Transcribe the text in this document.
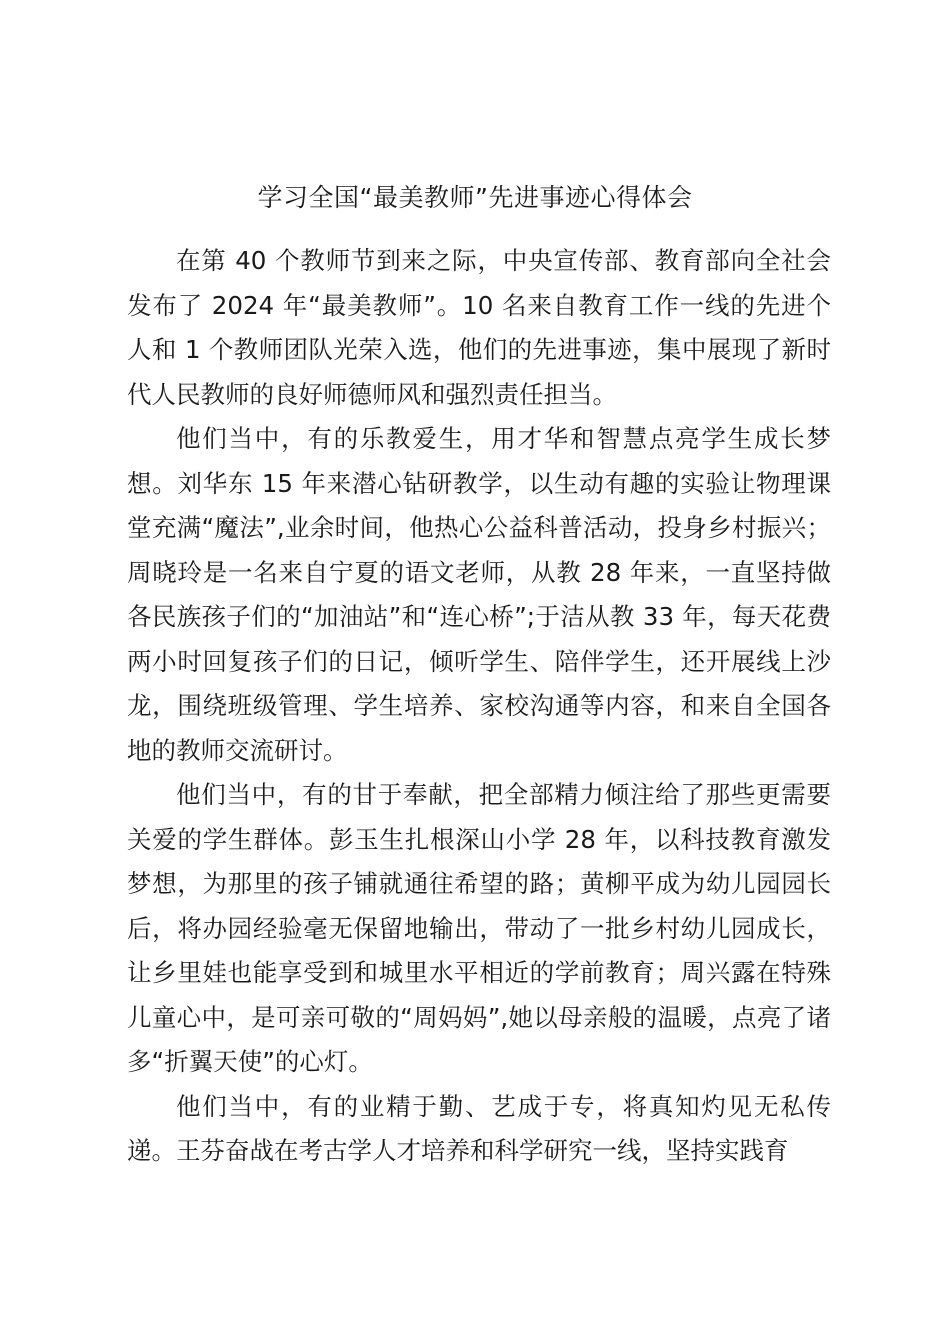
学习全国“最美教师”先进事迹心得体会

在第 40 个教师节到来之际，中央宣传部、教育部向全社会发布了 2024 年“最美教师”。10 名来自教育工作一线的先进个人和 1 个教师团队光荣入选，他们的先进事迹，集中展现了新时代人民教师的良好师德师风和强烈责任担当。

他们当中，有的乐教爱生，用才华和智慧点亮学生成长梦想。刘华东 15 年来潜心钻研教学，以生动有趣的实验让物理课堂充满“魔法”,业余时间，他热心公益科普活动，投身乡村振兴；周晓玲是一名来自宁夏的语文老师，从教 28 年来，一直坚持做各民族孩子们的“加油站”和“连心桥”;于洁从教 33 年，每天花费两小时回复孩子们的日记，倾听学生、陪伴学生，还开展线上沙龙，围绕班级管理、学生培养、家校沟通等内容，和来自全国各地的教师交流研讨。

他们当中，有的甘于奉献，把全部精力倾注给了那些更需要关爱的学生群体。彭玉生扎根深山小学 28 年，以科技教育激发梦想，为那里的孩子铺就通往希望的路；黄柳平成为幼儿园园长后，将办园经验毫无保留地输出，带动了一批乡村幼儿园成长，让乡里娃也能享受到和城里水平相近的学前教育；周兴露在特殊儿童心中，是可亲可敬的“周妈妈”,她以母亲般的温暖，点亮了诸多“折翼天使”的心灯。

他们当中，有的业精于勤、艺成于专，将真知灼见无私传递。王芬奋战在考古学人才培养和科学研究一线，坚持实践育
